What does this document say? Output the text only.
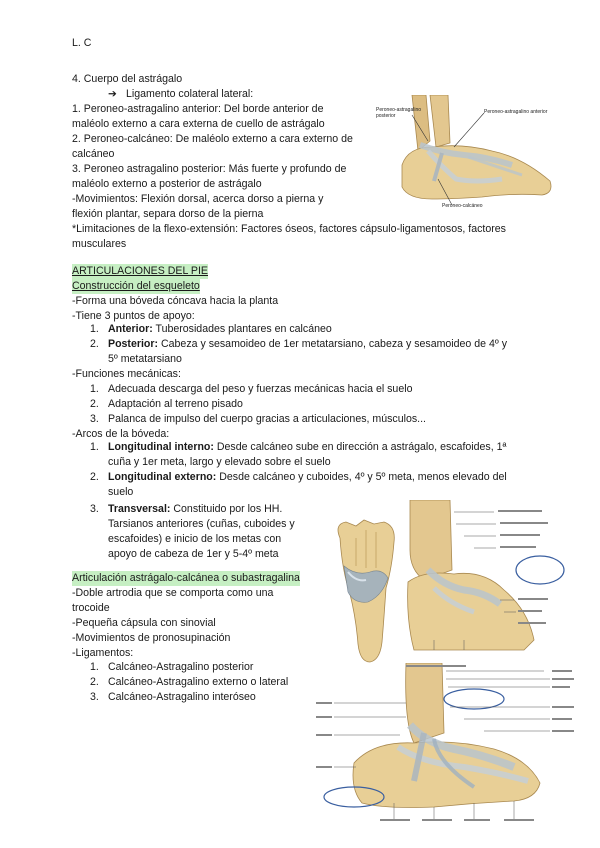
L. C
4. Cuerpo del astrágalo
➔ Ligamento colateral lateral:
1. Peroneo-astragalino anterior: Del borde anterior de
maléolo externo a cara externa de cuello de astrágalo
2. Peroneo-calcáneo: De maléolo externo a cara externo de
calcáneo
3. Peroneo astragalino posterior: Más fuerte y profundo de
maléolo externo a posterior de astrágalo
-Movimientos: Flexión dorsal, acerca dorso a pierna y
flexión plantar, separa dorso de la pierna
*Limitaciones de la flexo-extensión: Factores óseos, factores cápsulo-ligamentosos, factores
musculares
Peroneo-astragalino posterior
Peroneo-astragalino anterior
Peroneo-calcáneo
ARTICULACIONES DEL PIE
Construcción del esqueleto
-Forma una bóveda cóncava hacia la planta
-Tiene 3 puntos de apoyo:
1. Anterior: Tuberosidades plantares en calcáneo
2. Posterior: Cabeza y sesamoideo de 1er metatarsiano, cabeza y sesamoideo de 4º y
5º metatarsiano
-Funciones mecánicas:
1. Adecuada descarga del peso y fuerzas mecánicas hacia el suelo
2. Adaptación al terreno pisado
3. Palanca de impulso del cuerpo gracias a articulaciones, músculos...
-Arcos de la bóveda:
1. Longitudinal interno: Desde calcáneo sube en dirección a astrágalo, escafoides, 1ª
cuña y 1er meta, largo y elevado sobre el suelo
2. Longitudinal externo: Desde calcáneo y cuboides, 4º y 5º meta, menos elevado del
suelo
3. Transversal: Constituido por los HH.
Tarsianos anteriores (cuñas, cuboides y
escafoides) e inicio de los metas con
apoyo de cabeza de 1er y 5-4º meta
Articulación astrágalo-calcánea o subastragalina
-Doble artrodia que se comporta como una
trocoide
-Pequeña cápsula con sinovial
-Movimientos de pronosupinación
-Ligamentos:
1. Calcáneo-Astragalino posterior
2. Calcáneo-Astragalino externo o lateral
3. Calcáneo-Astragalino interóseo
